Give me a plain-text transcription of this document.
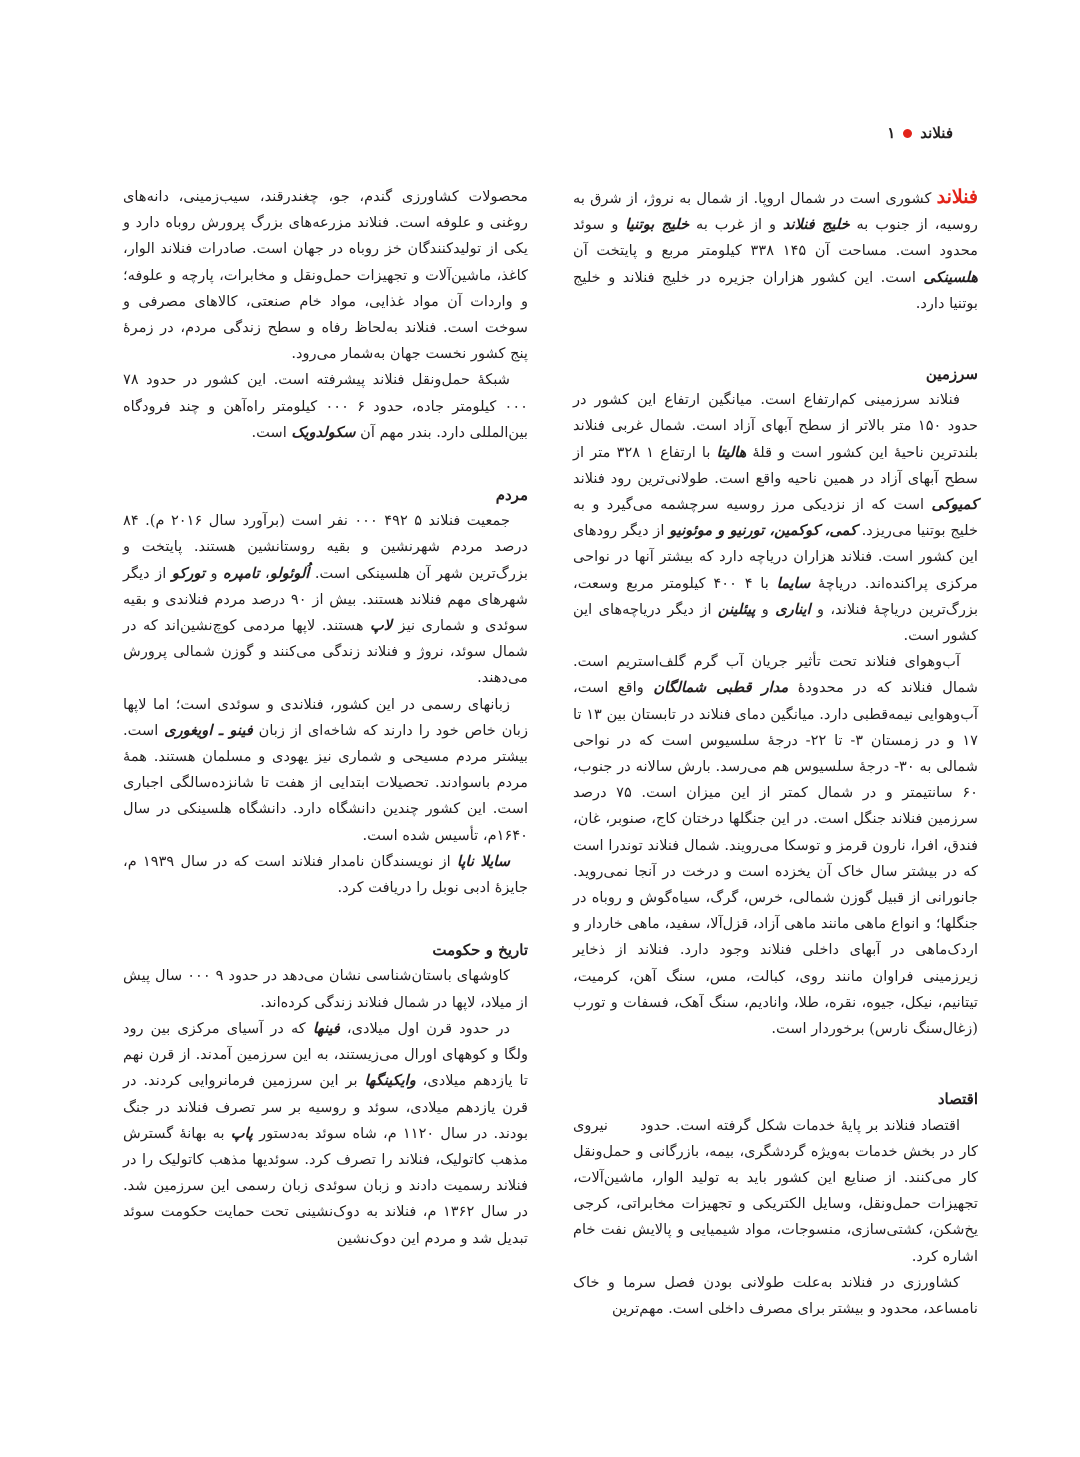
فنلاند
۱

فنلاند کشوری است در شمال اروپا. از شمال به نروژ، از شرق به روسیه، از جنوب به خلیج فنلاند و از غرب به خلیج بوتنیا و سوئد محدود است. مساحت آن ۱۴۵ ۳۳۸ کیلومتر مربع و پایتخت آن هلسینکی است. این کشور هزاران جزیره در خلیج فنلاند و خلیج بوتنیا دارد.

سرزمین

فنلاند سرزمینی کم‌ارتفاع است. میانگین ارتفاع این کشور در حدود ۱۵۰ متر بالاتر از سطح آبهای آزاد است. شمال غربی فنلاند بلندترین ناحیهٔ این کشور است و قلهٔ هالیتا با ارتفاع ۱ ۳۲۸ متر از سطح آبهای آزاد در همین ناحیه واقع است. طولانی‌ترین رود فنلاند کمیوکی است که از نزدیکی مرز روسیه سرچشمه می‌گیرد و به خلیج بوتنیا می‌ریزد. کمی، کوکمین، تورنیو و موئونیو از دیگر رودهای این کشور است. فنلاند هزاران دریاچه دارد که بیشتر آنها در نواحی مرکزی پراکنده‌اند. دریاچهٔ سایما با ۴ ۴۰۰ کیلومتر مربع وسعت، بزرگ‌ترین دریاچهٔ فنلاند، و ایناری و پیئلینن از دیگر دریاچه‌های این کشور است.

آب‌وهوای فنلاند تحت تأثیر جریان آب گرم گلف‌استریم است. شمال فنلاند که در محدودهٔ مدار قطبی شمالگان واقع است، آب‌وهوایی نیمه‌قطبی دارد. میانگین دمای فنلاند در تابستان بین ۱۳ تا ۱۷ و در زمستان ۳- تا ۲۲- درجهٔ سلسیوس است که در نواحی شمالی به ۳۰- درجهٔ سلسیوس هم می‌رسد. بارش سالانه در جنوب، ۶۰ سانتیمتر و در شمال کمتر از این میزان است. ۷۵ درصد سرزمین فنلاند جنگل است. در این جنگلها درختان کاج، صنوبر، غان، فندق، افرا، نارون قرمز و توسکا می‌رویند. شمال فنلاند توندرا است که در بیشتر سال خاک آن یخزده است و درخت در آنجا نمی‌روید. جانورانی از قبیل گوزن شمالی، خرس، گرگ، سیاه‌گوش و روباه در جنگلها؛ و انواع ماهی مانند ماهی آزاد، قزل‌آلا، سفید، ماهی خاردار و اردک‌ماهی در آبهای داخلی فنلاند وجود دارد. فنلاند از ذخایر زیرزمینی فراوان مانند روی، کبالت، مس، سنگ آهن، کرمیت، تیتانیم، نیکل، جیوه، نقره، طلا، وانادیم، سنگ آهک، فسفات و تورب (زغال‌سنگ نارس) برخوردار است.

اقتصاد

اقتصاد فنلاند بر پایهٔ خدمات شکل گرفته است. حدود      نیروی کار در بخش خدمات به‌ویژه گردشگری، بیمه، بازرگانی و حمل‌ونقل کار می‌کنند. از صنایع این کشور باید به تولید الوار، ماشین‌آلات، تجهیزات حمل‌ونقل، وسایل الکتریکی و تجهیزات مخابراتی، کرجی یخ‌شکن، کشتی‌سازی، منسوجات، مواد شیمیایی و پالایش نفت خام اشاره کرد.

کشاورزی در فنلاند به‌علت طولانی بودن فصل سرما و خاک نامساعد، محدود و بیشتر برای مصرف داخلی است. مهم‌ترین

محصولات کشاورزی گندم، جو، چغندرقند، سیب‌زمینی، دانه‌های روغنی و علوفه است. فنلاند مزرعه‌های بزرگ پرورش روباه دارد و یکی از تولیدکنندگان خز روباه در جهان است. صادرات فنلاند الوار، کاغذ، ماشین‌آلات و تجهیزات حمل‌ونقل و مخابرات، پارچه و علوفه؛ و واردات آن مواد غذایی، مواد خام صنعتی، کالاهای مصرفی و سوخت است. فنلاند به‌لحاظ رفاه و سطح زندگی مردم، در زمرهٔ پنج کشور نخست جهان به‌شمار می‌رود.

شبکهٔ حمل‌ونقل فنلاند پیشرفته است. این کشور در حدود ۷۸ ۰۰۰ کیلومتر جاده، حدود ۶ ۰۰۰ کیلومتر راه‌آهن و چند فرودگاه بین‌المللی دارد. بندر مهم آن سکولدویک است.

مردم

جمعیت فنلاند ۵ ۴۹۲ ۰۰۰ نفر است (برآورد سال ۲۰۱۶ م). ۸۴ درصد مردم شهرنشین و بقیه روستانشین هستند. پایتخت و بزرگ‌ترین شهر آن هلسینکی است. اُلوئولو، تامپره و تورکو از دیگر شهرهای مهم فنلاند هستند. بیش از ۹۰ درصد مردم فنلاندی و بقیه سوئدی و شماری نیز لاپ هستند. لاپها مردمی کوچ‌نشین‌اند که در شمال سوئد، نروژ و فنلاند زندگی می‌کنند و گوزن شمالی پرورش می‌دهند.

زبانهای رسمی در این کشور، فنلاندی و سوئدی است؛ اما لاپها زبان خاص خود را دارند که شاخه‌ای از زبان فینو ـ اویغوری است. بیشتر مردم مسیحی و شماری نیز یهودی و مسلمان هستند. همهٔ مردم باسوادند. تحصیلات ابتدایی از هفت تا شانزده‌سالگی اجباری است. این کشور چندین دانشگاه دارد. دانشگاه هلسینکی در سال ۱۶۴۰م، تأسیس شده است.

سایلا ناپا از نویسندگان نامدار فنلاند است که در سال ۱۹۳۹ م، جایزهٔ ادبی نوبل را دریافت کرد.

تاریخ و حکومت

کاوشهای باستان‌شناسی نشان می‌دهد در حدود ۹ ۰۰۰ سال پیش از میلاد، لاپها در شمال فنلاند زندگی کرده‌اند.

در حدود قرن اول میلادی، فینها که در آسیای مرکزی بین رود ولگا و کوههای اورال می‌زیستند، به این سرزمین آمدند. از قرن نهم تا یازدهم میلادی، وایکینگها بر این سرزمین فرمانروایی کردند. در قرن یازدهم میلادی، سوئد و روسیه بر سر تصرف فنلاند در جنگ بودند. در سال ۱۱۲۰ م، شاه سوئد به‌دستور پاپ به بهانهٔ گسترش مذهب کاتولیک، فنلاند را تصرف کرد. سوئدیها مذهب کاتولیک را در فنلاند رسمیت دادند و زبان سوئدی زبان رسمی این سرزمین شد. در سال ۱۳۶۲ م، فنلاند به دوک‌نشینی تحت حمایت حکومت سوئد تبدیل شد و مردم این دوک‌نشین
